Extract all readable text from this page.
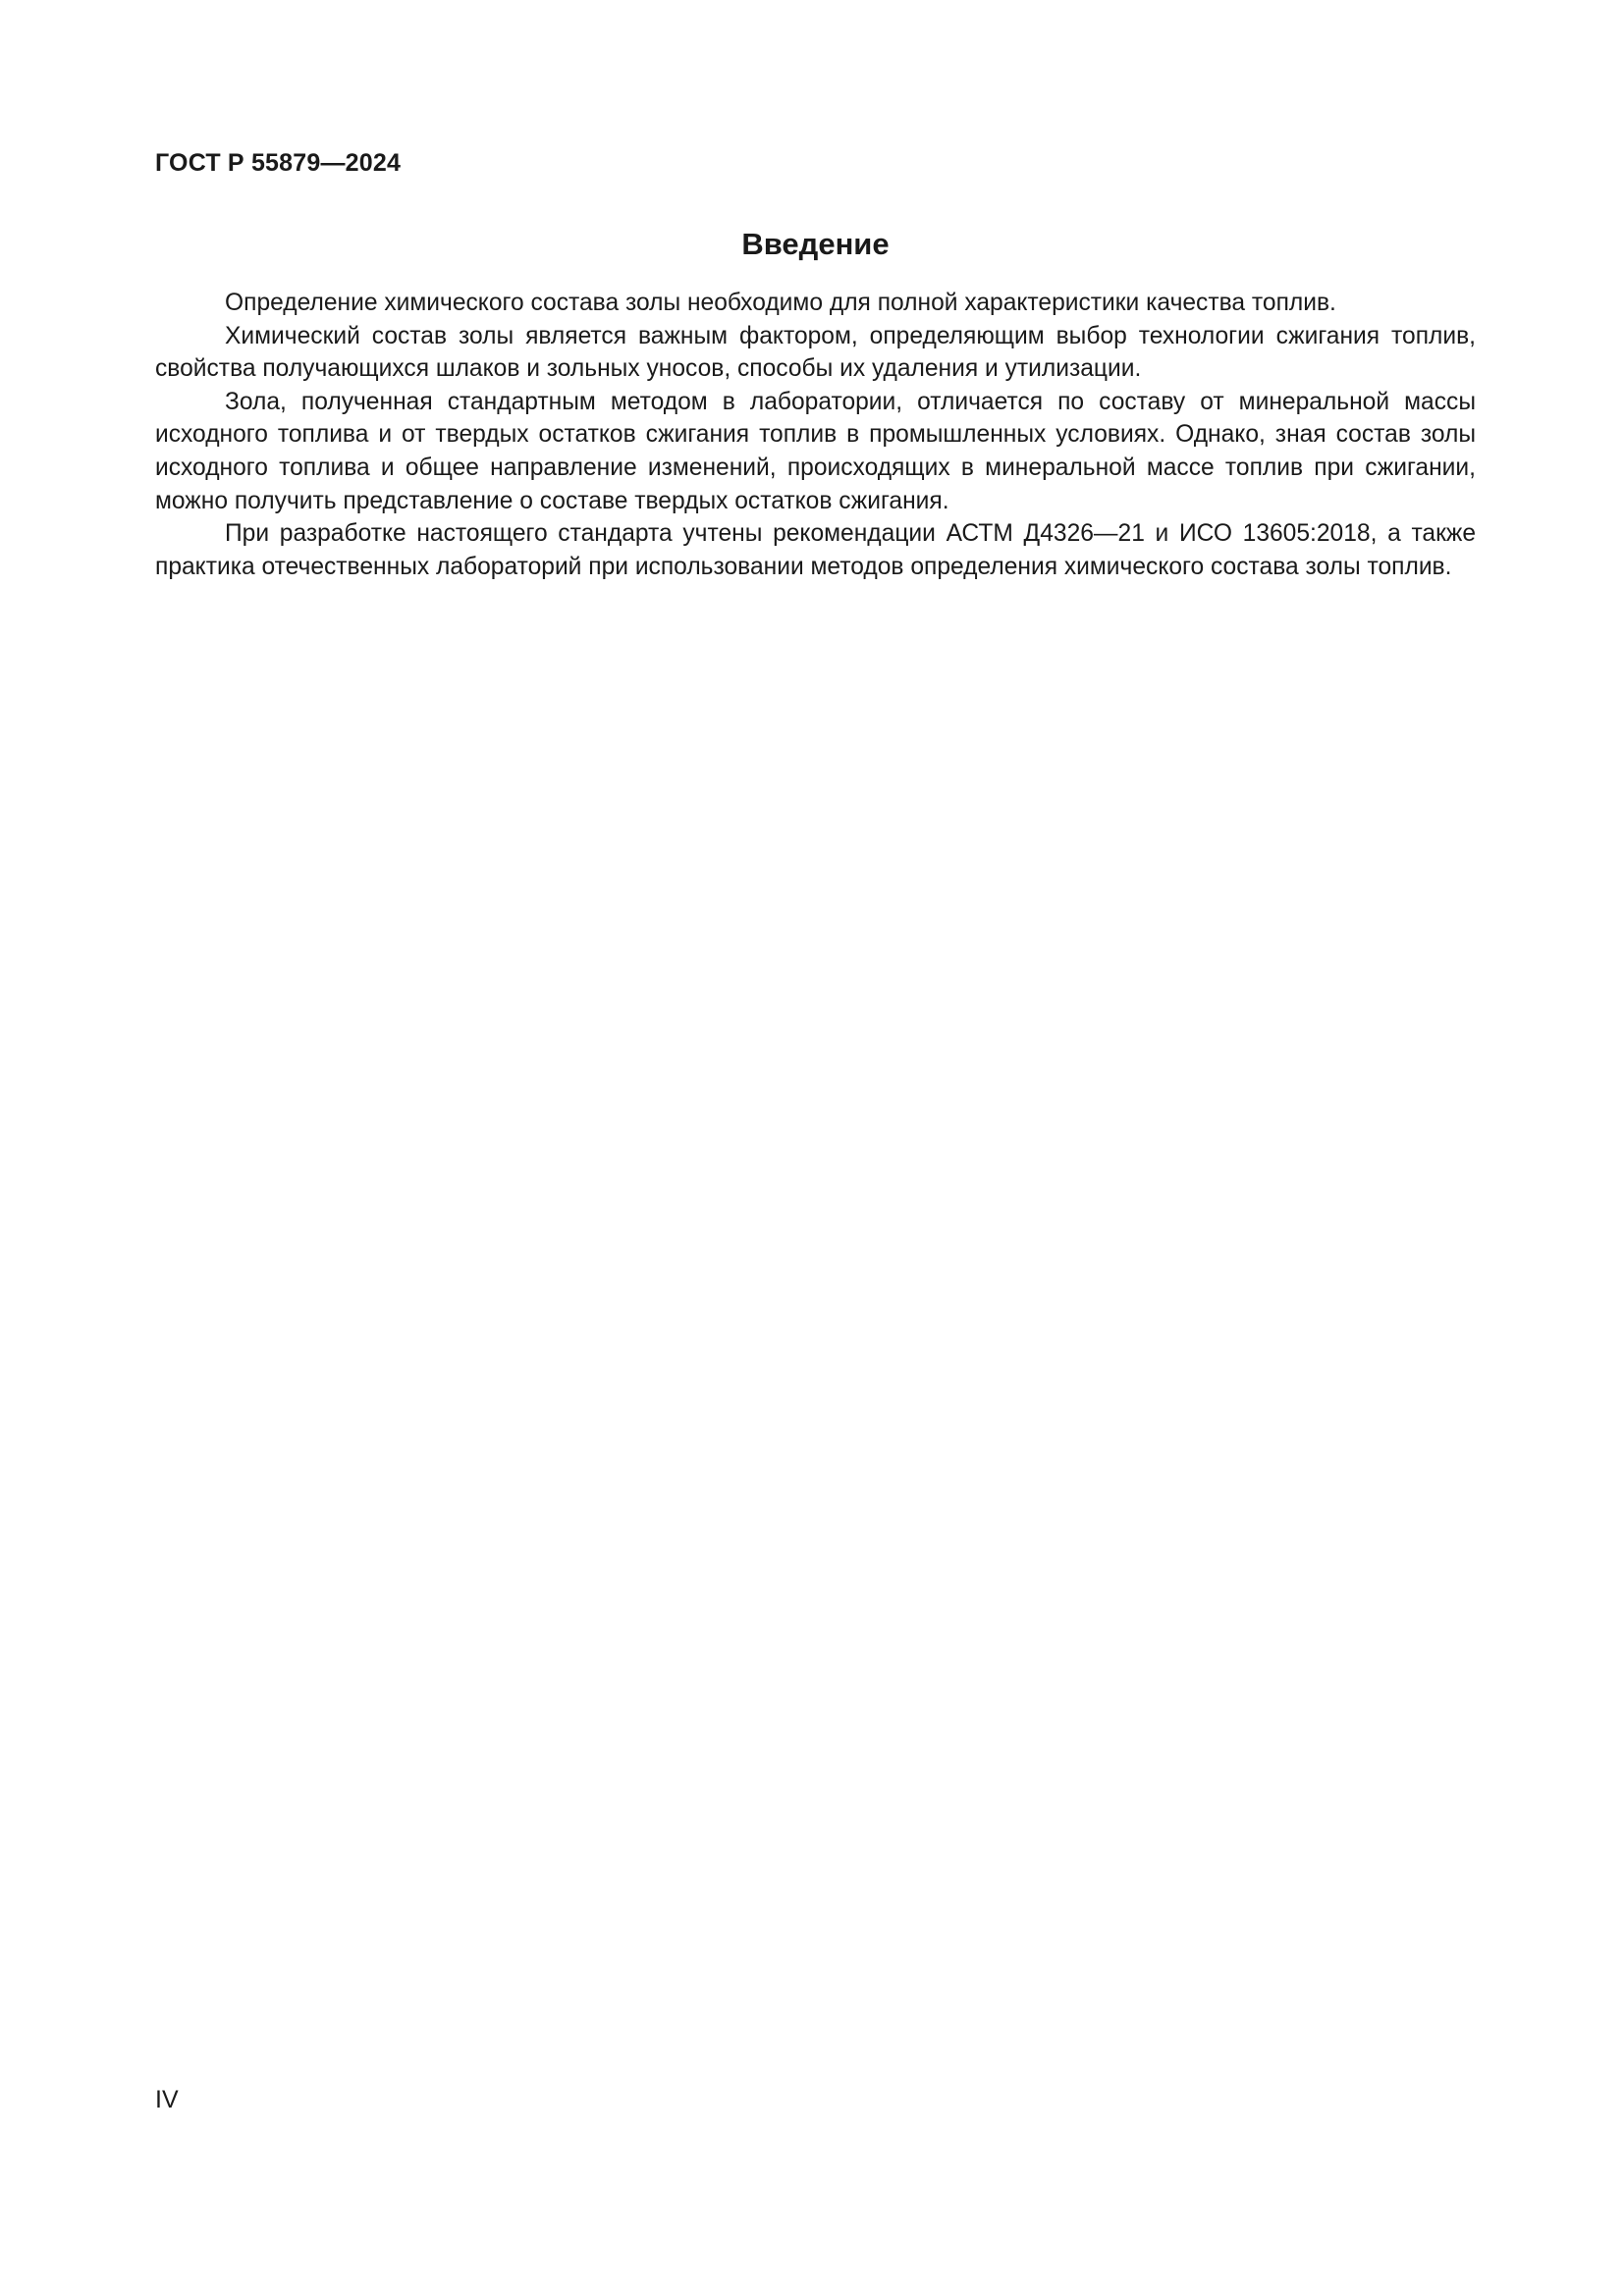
ГОСТ Р 55879—2024
Введение

Определение химического состава золы необходимо для полной характеристики качества топлив.

Химический состав золы является важным фактором, определяющим выбор технологии сжигания топлив, свойства получающихся шлаков и зольных уносов, способы их удаления и утилизации.

Зола, полученная стандартным методом в лаборатории, отличается по составу от минеральной массы исходного топлива и от твердых остатков сжигания топлив в промышленных условиях. Однако, зная состав золы исходного топлива и общее направление изменений, происходящих в минеральной массе топлив при сжигании, можно получить представление о составе твердых остатков сжигания.

При разработке настоящего стандарта учтены рекомендации АСТМ Д4326—21 и ИСО 13605:2018, а также практика отечественных лабораторий при использовании методов определения химического состава золы топлив.

IV
